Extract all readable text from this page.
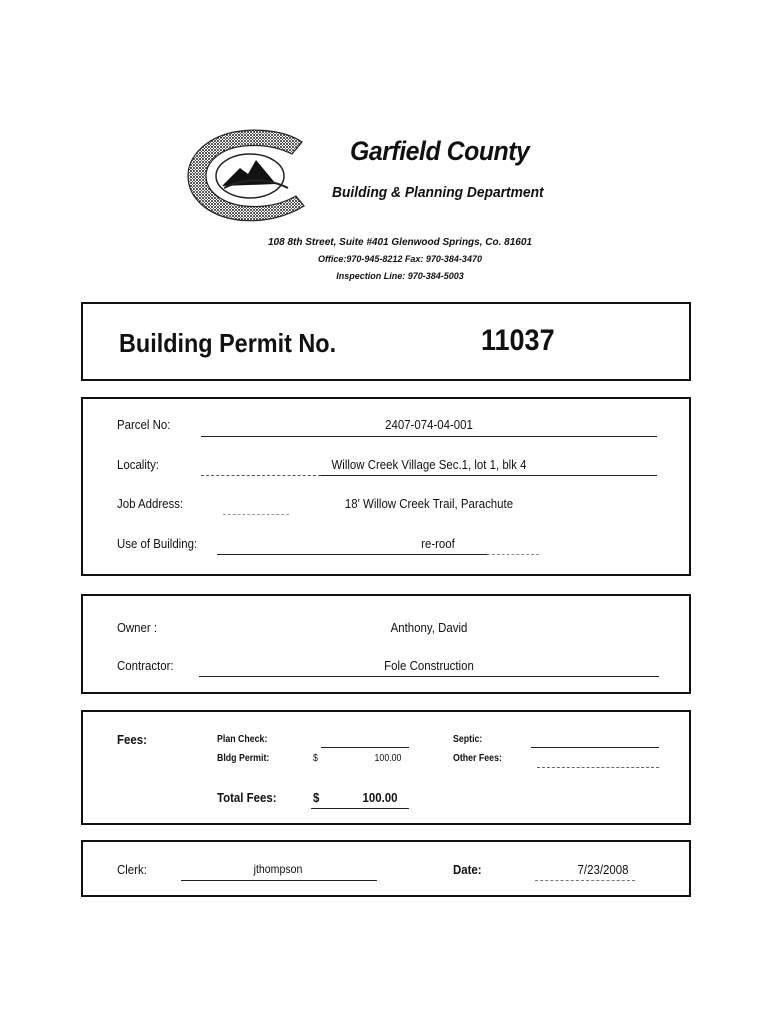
Garfield County
Building & Planning Department
108 8th Street, Suite #401 Glenwood Springs, Co. 81601
Office:970-945-8212 Fax: 970-384-3470
Inspection Line: 970-384-5003
Building Permit No.	11037
Parcel No:	2407-074-04-001
Locality:	Willow Creek Village Sec.1, lot 1, blk 4
Job Address:	18' Willow Creek Trail, Parachute
Use of Building:	re-roof
Owner :	Anthony, David
Contractor:	Fole Construction
Fees:	Plan Check:
Bldg Permit:	$	100.00
Septic:
Other Fees:
Total Fees:	$	100.00
Clerk:	jthompson	Date:	7/23/2008
